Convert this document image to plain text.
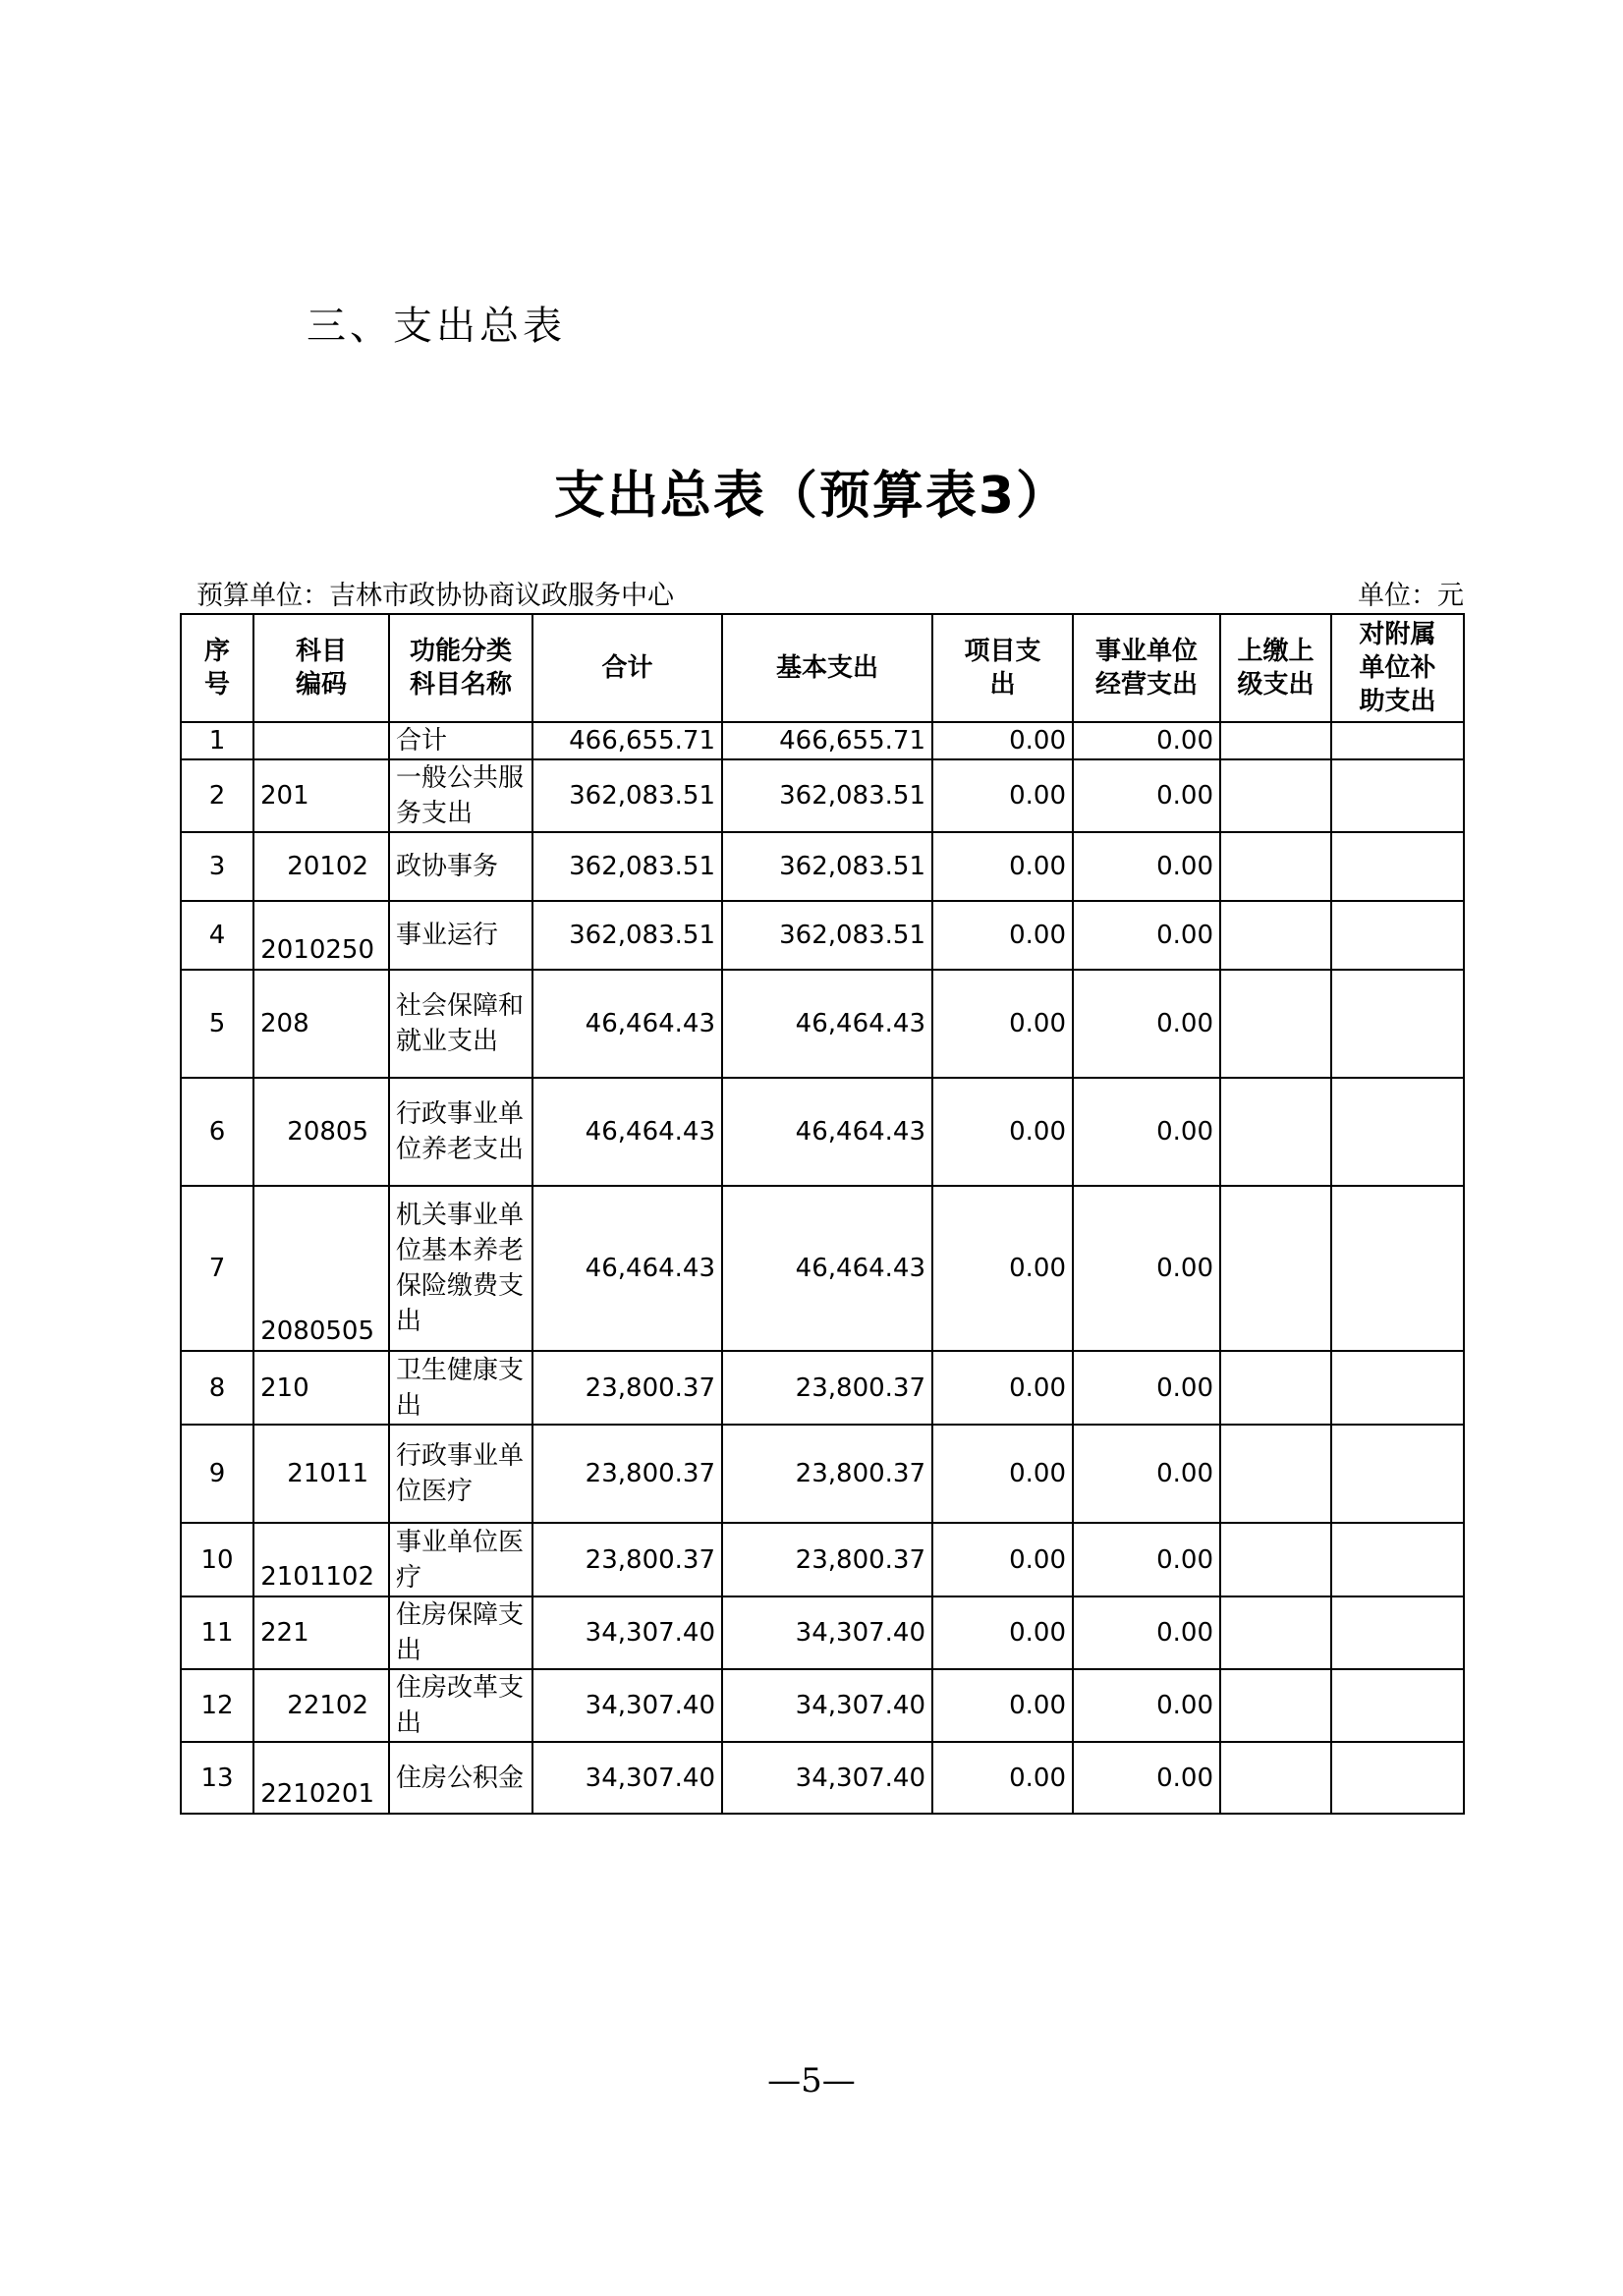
三、支出总表
支出总表（预算表3）
预算单位：吉林市政协协商议政服务中心	单位：元
序号	科目编码	功能分类科目名称	合计	基本支出	项目支出	事业单位经营支出	上缴上级支出	对附属单位补助支出

1		合计	466,655.71	466,655.71	0.00	0.00		
2	201	一般公共服务支出	362,083.51	362,083.51	0.00	0.00		
3	20102	政协事务	362,083.51	362,083.51	0.00	0.00		
4	2010250	事业运行	362,083.51	362,083.51	0.00	0.00		
5	208	社会保障和就业支出	46,464.43	46,464.43	0.00	0.00		
6	20805	行政事业单位养老支出	46,464.43	46,464.43	0.00	0.00		
7	2080505	机关事业单位基本养老保险缴费支出	46,464.43	46,464.43	0.00	0.00		
8	210	卫生健康支出	23,800.37	23,800.37	0.00	0.00		
9	21011	行政事业单位医疗	23,800.37	23,800.37	0.00	0.00		
10	2101102	事业单位医疗	23,800.37	23,800.37	0.00	0.00		
11	221	住房保障支出	34,307.40	34,307.40	0.00	0.00		
12	22102	住房改革支出	34,307.40	34,307.40	0.00	0.00		
13	2210201	住房公积金	34,307.40	34,307.40	0.00	0.00		
—5—
